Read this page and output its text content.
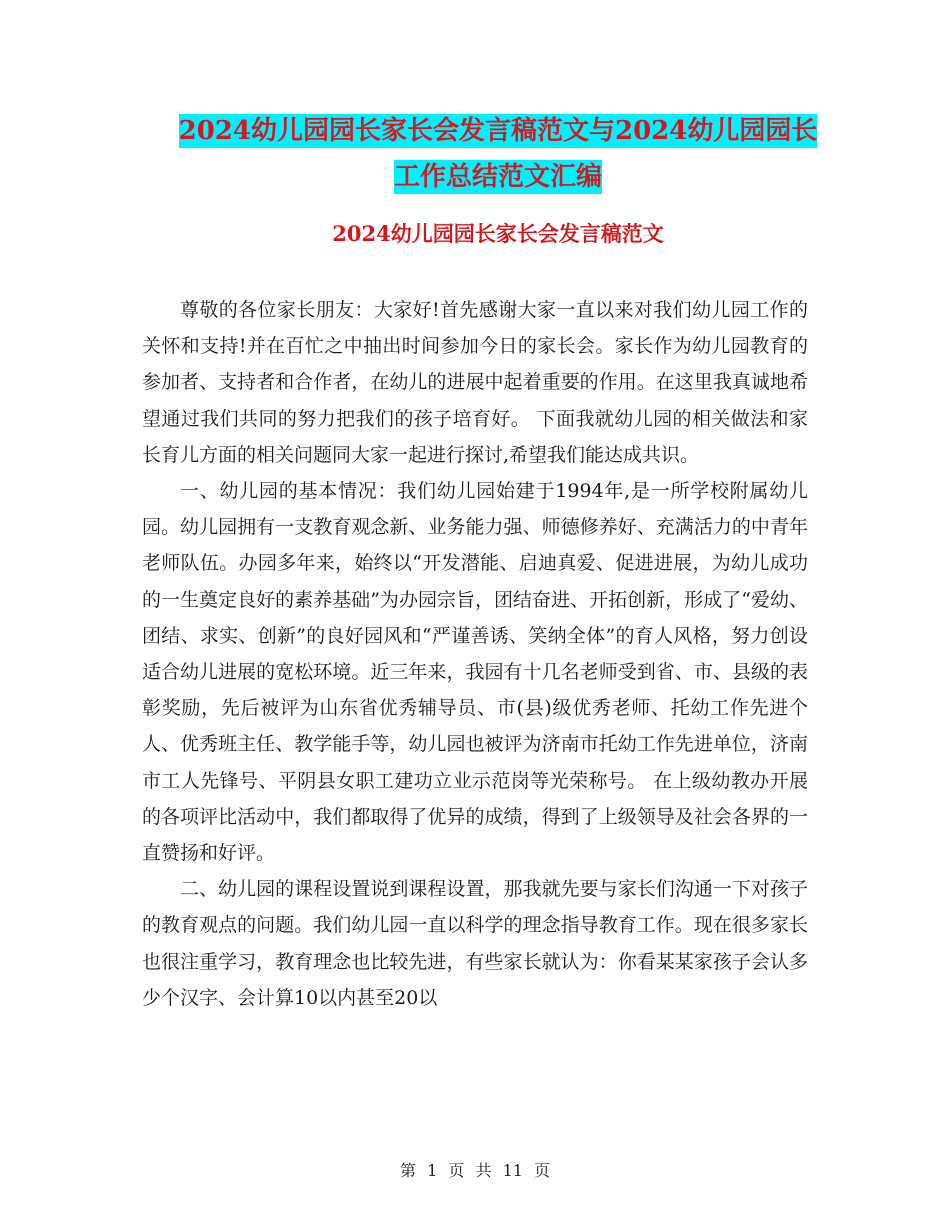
2024幼儿园园长家长会发言稿范文与2024幼儿园园长
工作总结范文汇编
2024幼儿园园长家长会发言稿范文

尊敬的各位家长朋友：大家好!首先感谢大家一直以来对我们幼儿园工作的关怀和支持!并在百忙之中抽出时间参加今日的家长会。家长作为幼儿园教育的参加者、支持者和合作者，在幼儿的进展中起着重要的作用。在这里我真诚地希望通过我们共同的努力把我们的孩子培育好。 下面我就幼儿园的相关做法和家长育儿方面的相关问题同大家一起进行探讨,希望我们能达成共识。

一、幼儿园的基本情况：我们幼儿园始建于1994年,是一所学校附属幼儿园。幼儿园拥有一支教育观念新、业务能力强、师德修养好、充满活力的中青年老师队伍。办园多年来，始终以“开发潜能、启迪真爱、促进进展，为幼儿成功的一生奠定良好的素养基础”为办园宗旨，团结奋进、开拓创新，形成了“爱幼、团结、求实、创新”的良好园风和“严谨善诱、笑纳全体”的育人风格，努力创设适合幼儿进展的宽松环境。近三年来，我园有十几名老师受到省、市、县级的表彰奖励，先后被评为山东省优秀辅导员、市(县)级优秀老师、托幼工作先进个人、优秀班主任、教学能手等，幼儿园也被评为济南市托幼工作先进单位，济南市工人先锋号、平阴县女职工建功立业示范岗等光荣称号。 在上级幼教办开展的各项评比活动中，我们都取得了优异的成绩，得到了上级领导及社会各界的一直赞扬和好评。

二、幼儿园的课程设置说到课程设置，那我就先要与家长们沟通一下对孩子的教育观点的问题。我们幼儿园一直以科学的理念指导教育工作。现在很多家长也很注重学习，教育理念也比较先进，有些家长就认为：你看某某家孩子会认多少个汉字、会计算10以内甚至20以

第 1 页 共 11 页
